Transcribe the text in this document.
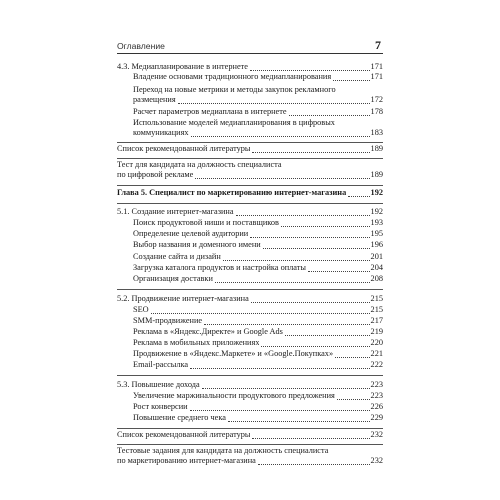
Оглавление	7
4.3. Медиапланирование в интернете	171
Владение основами традиционного медиапланирования	171
Переход на новые метрики и методы закупок рекламного
размещения	172
Расчет параметров медиаплана в интернете	178
Использование моделей медиапланирования в цифровых
коммуникациях	183
Список рекомендованной литературы	189
Тест для кандидата на должность специалиста
по цифровой рекламе	189
Глава 5. Специалист по маркетированию интернет-магазина	192
5.1. Создание интернет-магазина	192
Поиск продуктовой ниши и поставщиков	193
Определение целевой аудитории	195
Выбор названия и доменного имени	196
Создание сайта и дизайн	201
Загрузка каталога продуктов и настройка оплаты	204
Организация доставки	208
5.2. Продвижение интернет-магазина	215
SEO	215
SMM-продвижение	217
Реклама в «Яндекс.Директе» и Google Ads	219
Реклама в мобильных приложениях	220
Продвижение в «Яндекс.Маркете» и «Google.Покупках»	221
Email-рассылка	222
5.3. Повышение дохода	223
Увеличение маржинальности продуктового предложения	223
Рост конверсии	226
Повышение среднего чека	229
Список рекомендованной литературы	232
Тестовые задания для кандидата на должность специалиста
по маркетированию интернет-магазина	232
